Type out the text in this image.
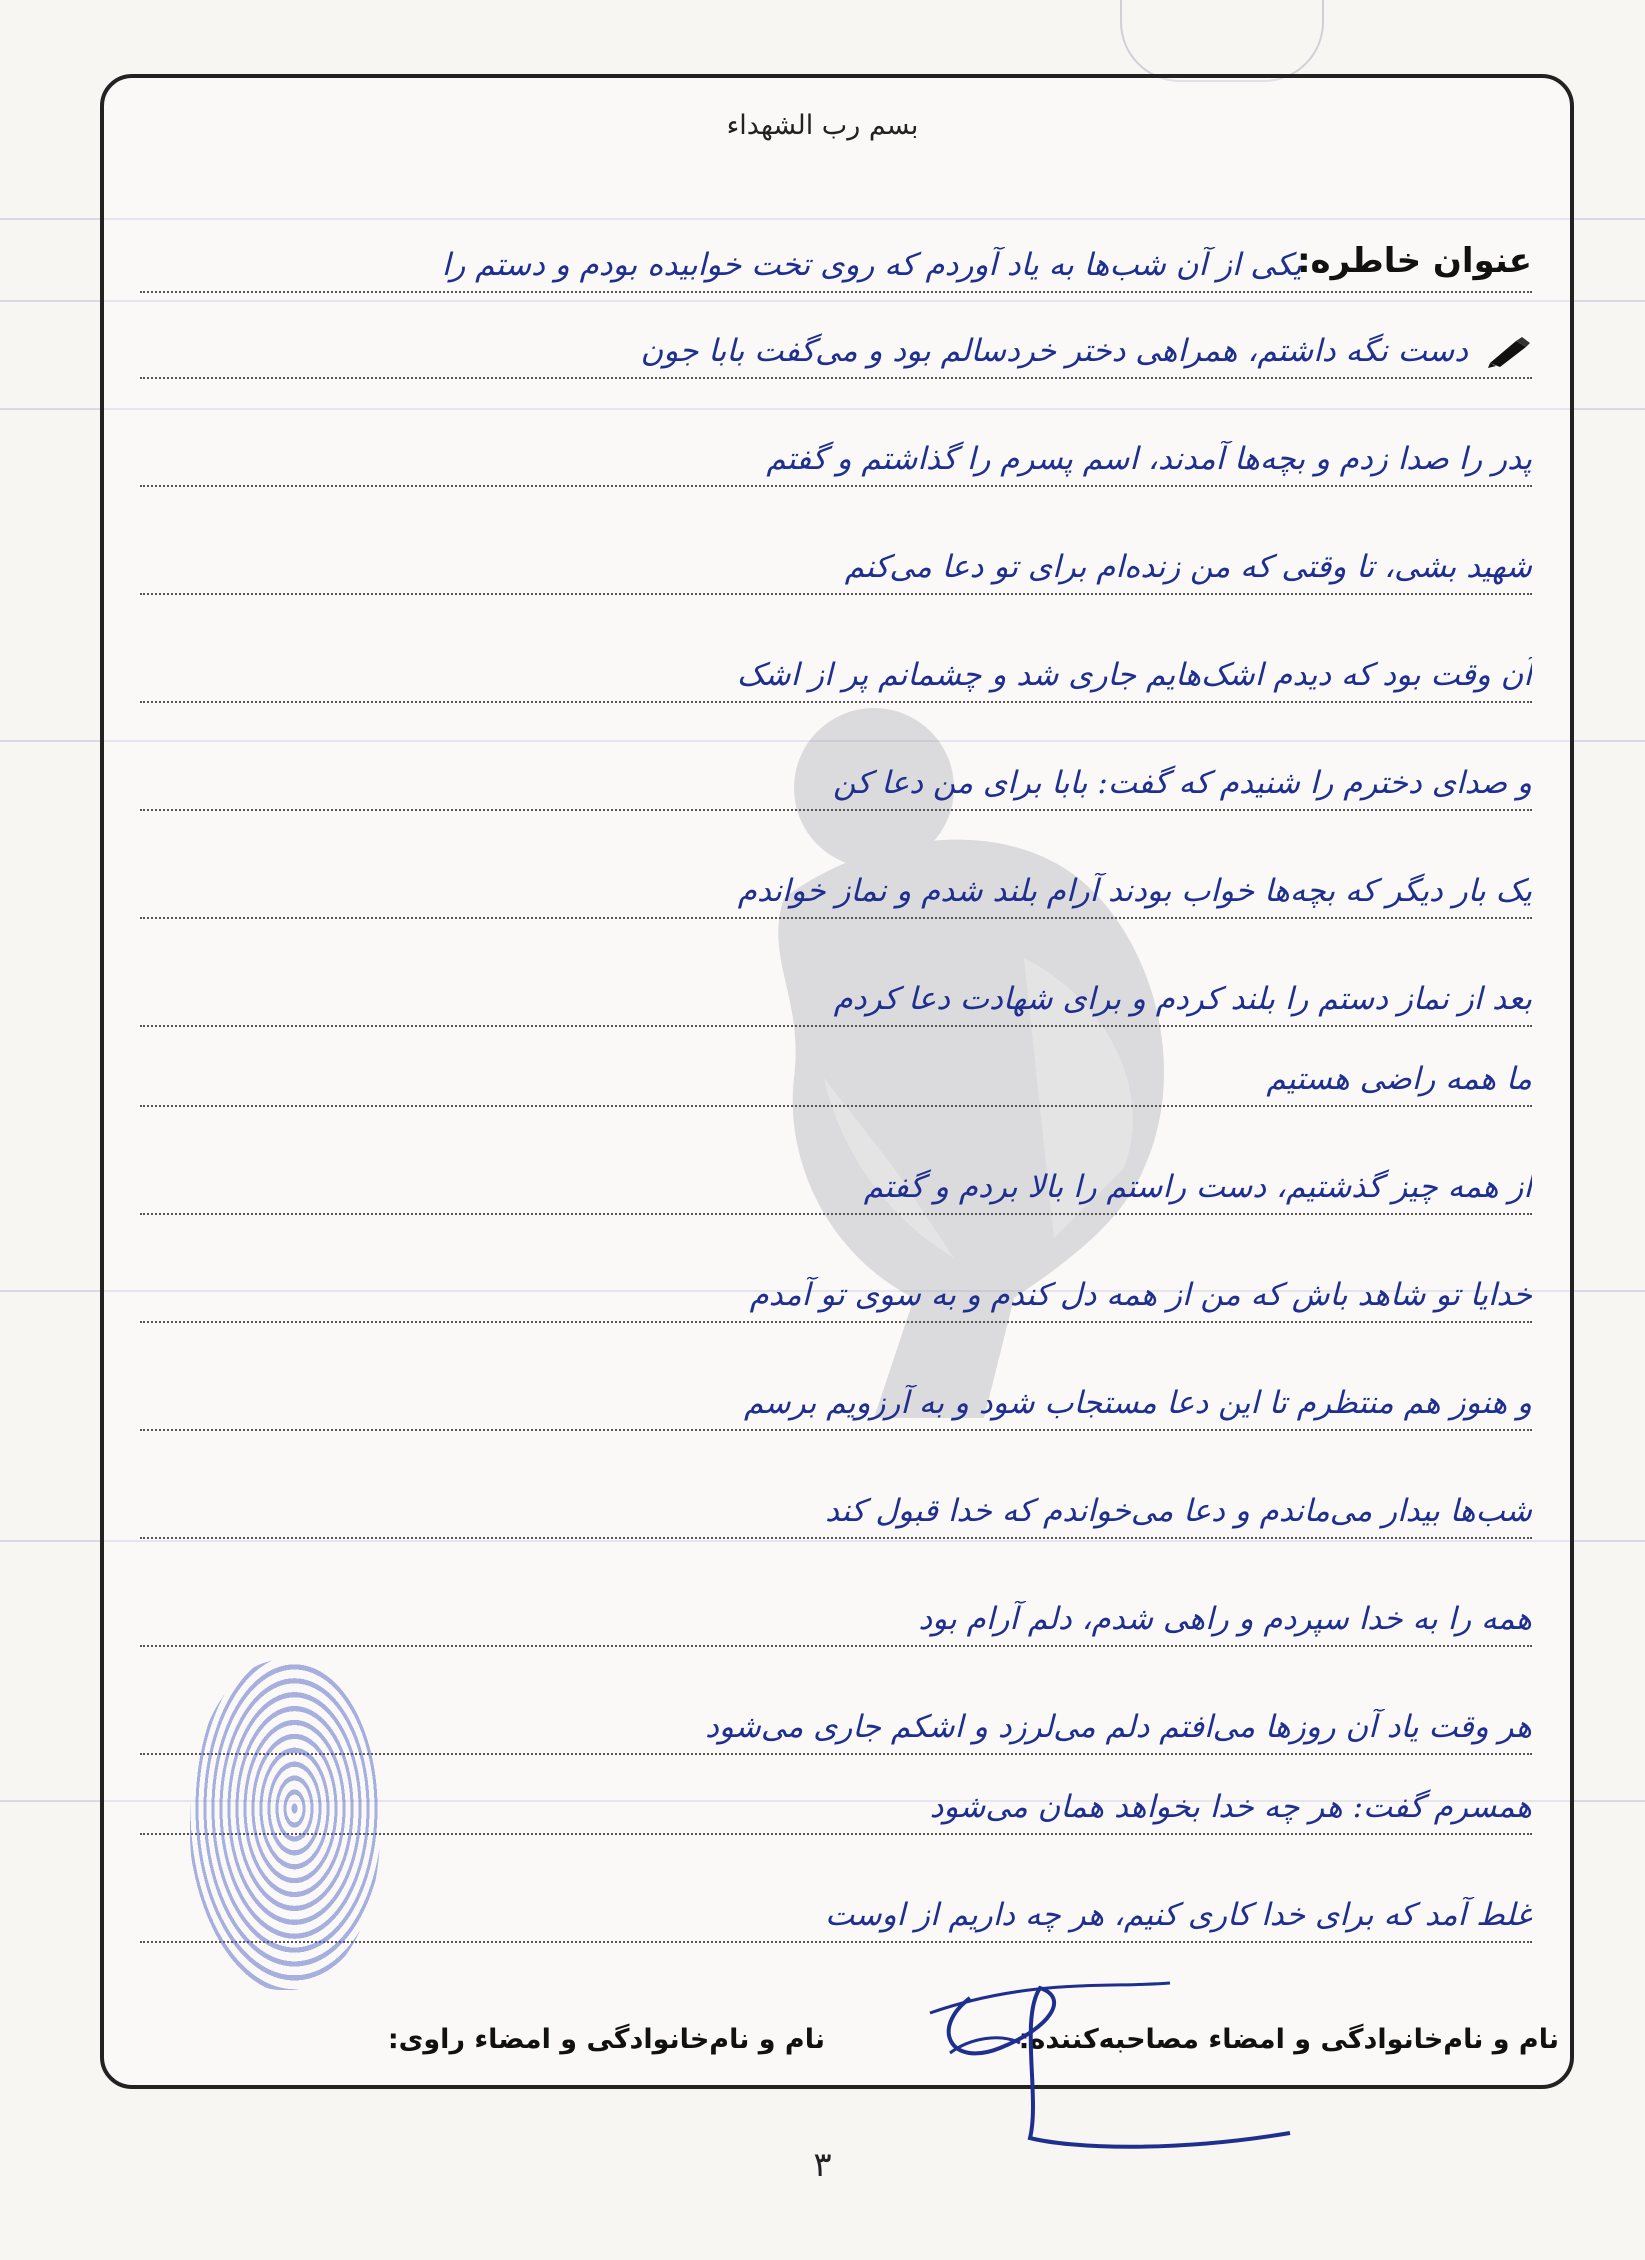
بسم رب الشهداء
عنوان خاطره:
یکی از آن شب‌ها به یاد آوردم که روی تخت خوابیده بودم و دستم را
دست نگه داشتم، همراهی دختر خردسالم بود و می‌گفت بابا جون
پدر را صدا زدم و بچه‌ها آمدند، اسم پسرم را گذاشتم و گفتم
شهید بشی، تا وقتی که من زنده‌ام برای تو دعا می‌کنم
آن وقت بود که دیدم اشک‌هایم جاری شد و چشمانم پر از اشک
و صدای دخترم را شنیدم که گفت: بابا برای من دعا کن
یک بار دیگر که بچه‌ها خواب بودند آرام بلند شدم و نماز خواندم
بعد از نماز دستم را بلند کردم و برای شهادت دعا کردم
ما همه راضی هستیم
از همه چیز گذشتیم، دست راستم را بالا بردم و گفتم
خدایا تو شاهد باش که من از همه دل کندم و به سوی تو آمدم
و هنوز هم منتظرم تا این دعا مستجاب شود و به آرزویم برسم
شب‌ها بیدار می‌ماندم و دعا می‌خواندم که خدا قبول کند
همه را به خدا سپردم و راهی شدم، دلم آرام بود
هر وقت یاد آن روزها می‌افتم دلم می‌لرزد و اشکم جاری می‌شود
همسرم گفت: هر چه خدا بخواهد همان می‌شود
غلط آمد که برای خدا کاری کنیم، هر چه داریم از اوست
نام و نام‌خانوادگی و امضاء مصاحبه‌کننده:
نام و نام‌خانوادگی و امضاء راوی:
۳
